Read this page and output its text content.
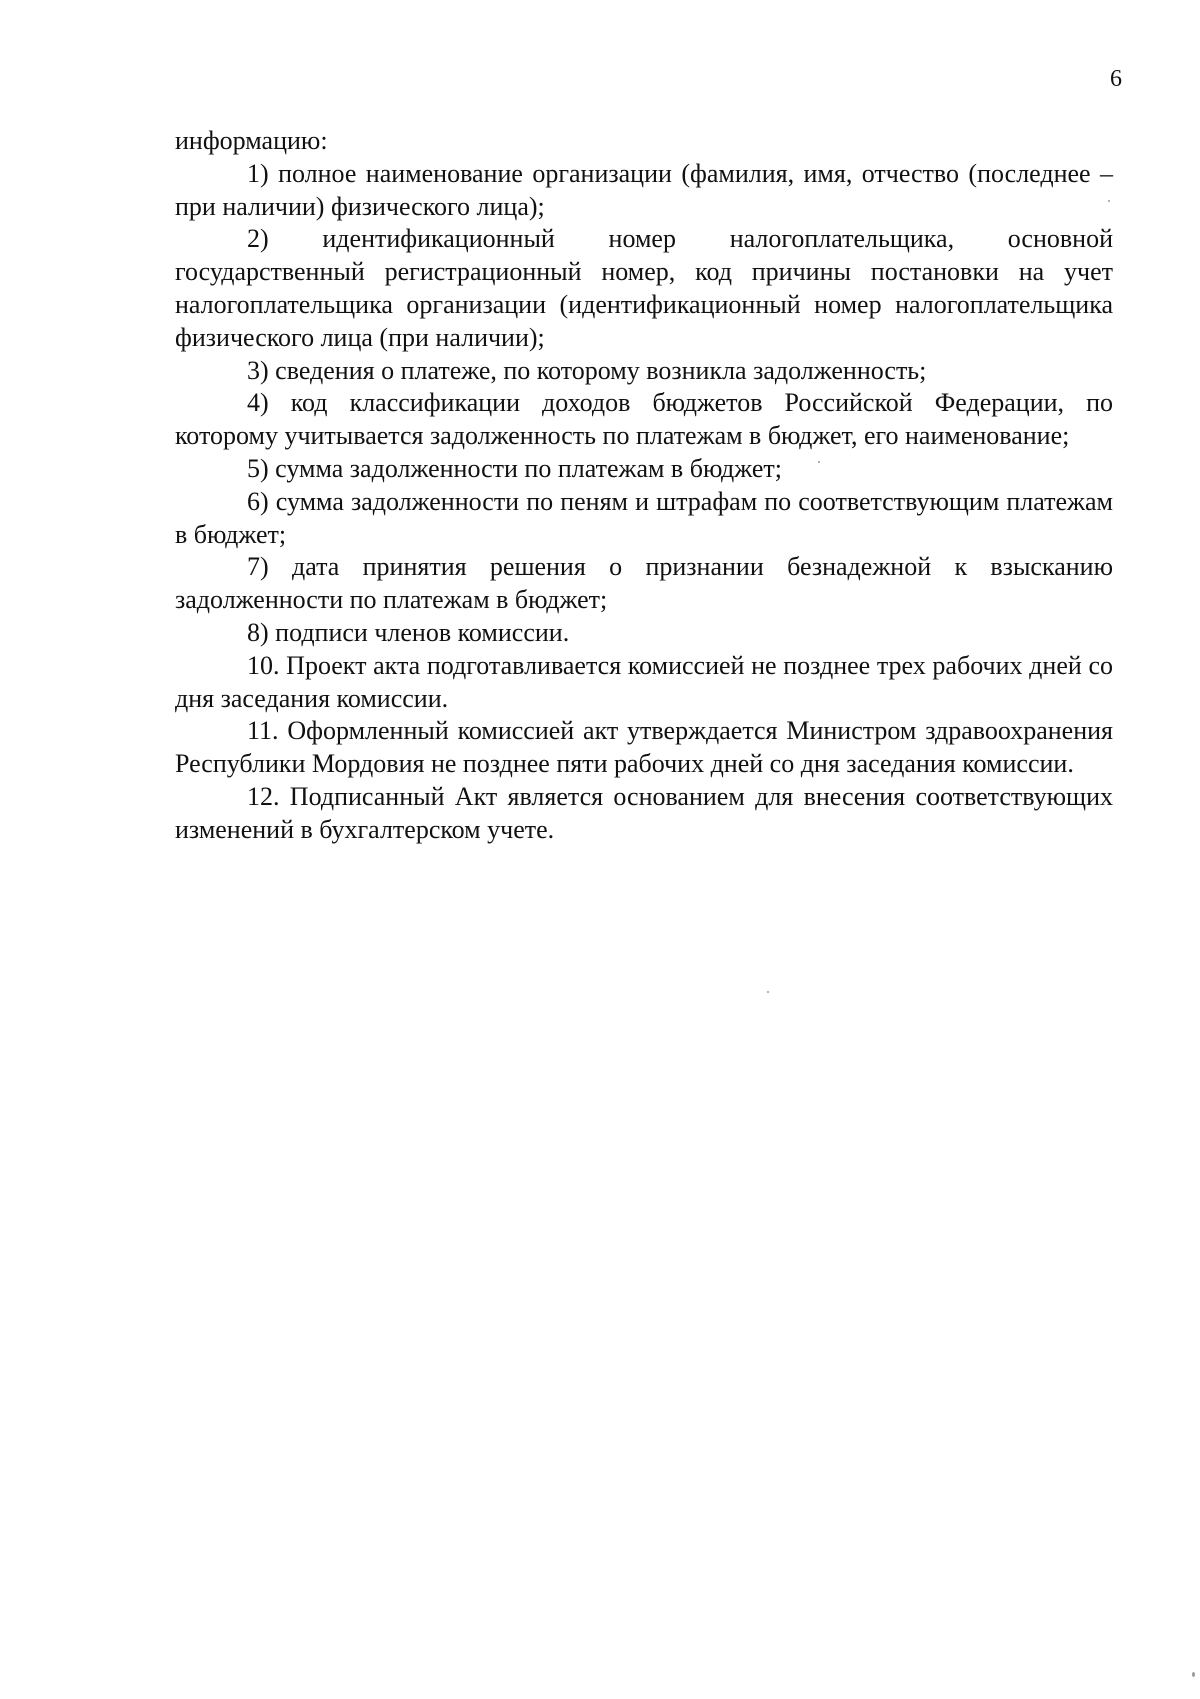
6

информацию:

1) полное наименование организации (фамилия, имя, отчество (последнее – при наличии) физического лица);

2) идентификационный номер налогоплательщика, основной государственный регистрационный номер, код причины постановки на учет налогоплательщика организации (идентификационный номер налогоплательщика физического лица (при наличии);

3) сведения о платеже, по которому возникла задолженность;

4) код классификации доходов бюджетов Российской Федерации, по которому учитывается задолженность по платежам в бюджет, его наименование;

5) сумма задолженности по платежам в бюджет;

6) сумма задолженности по пеням и штрафам по соответствующим платежам в бюджет;

7) дата принятия решения о признании безнадежной к взысканию задолженности по платежам в бюджет;

8) подписи членов комиссии.

10. Проект акта подготавливается комиссией не позднее трех рабочих дней со дня заседания комиссии.

11. Оформленный комиссией акт утверждается Министром здравоохранения Республики Мордовия не позднее пяти рабочих дней со дня заседания комиссии.

12. Подписанный Акт является основанием для внесения соответствующих изменений в бухгалтерском учете.
